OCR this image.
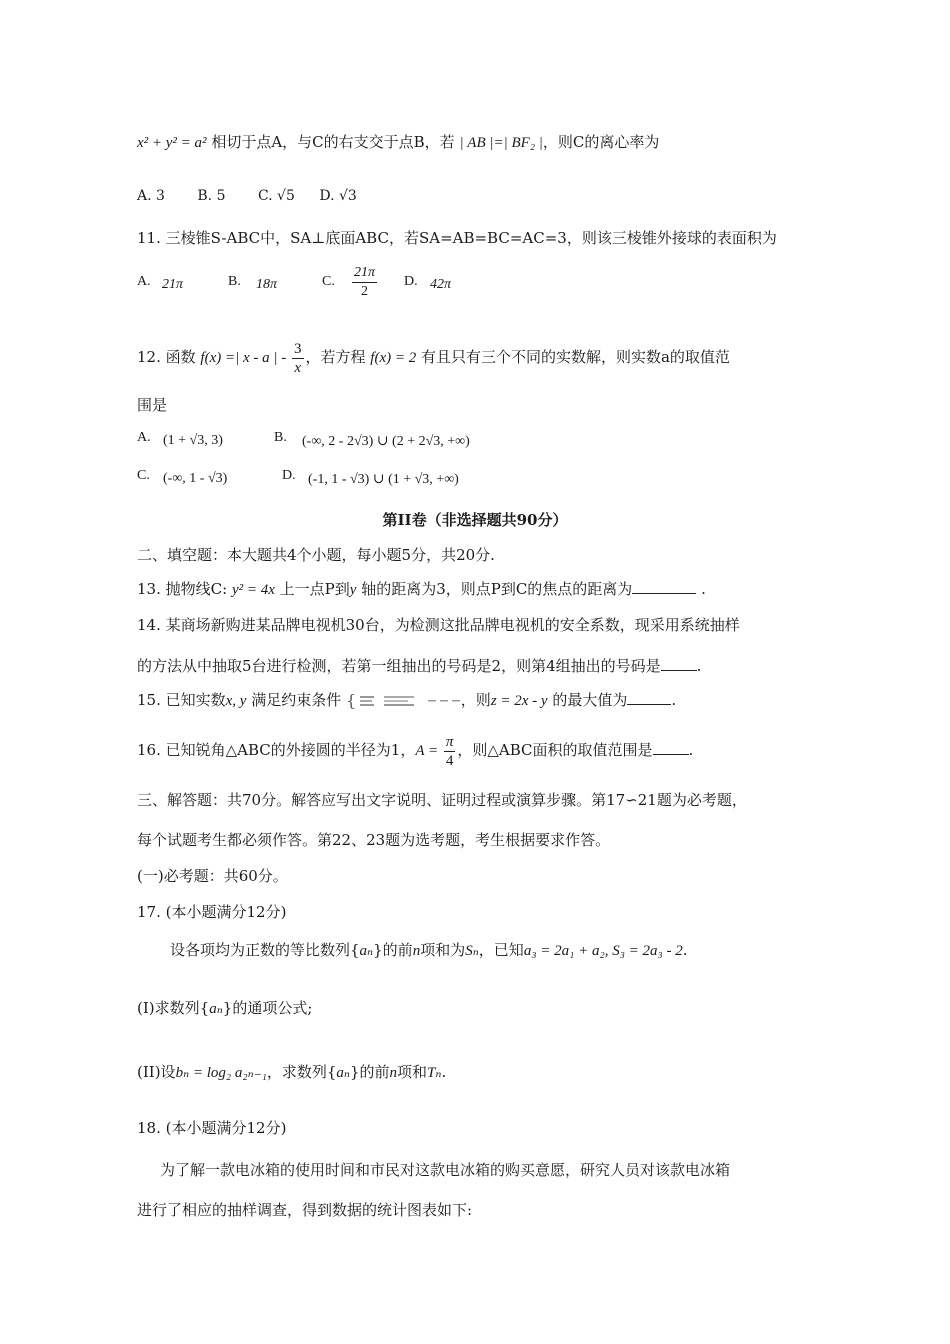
x² + y² = a² 相切于点A，与C的右支交于点B，若 | AB |=| BF₂ |，则C的离心率为
A. 3 B. 5 C. √5 D. √3
11. 三棱锥S-ABC中，SA⊥底面ABC，若SA=AB=BC=AC=3，则该三棱锥外接球的表面积为
A. 21π	B. 18π	C. $\frac{21\pi}{2} D$. 42π
12. 函数 f(x) =| x - a | - $\frac{3}{x}$ ，若方程 f(x) = 2 有且只有三个不同的实数解，则实数a的取值范
围是
A. (1 + √3, 3)	B. (-∞, 2 - 2√3) ∪ (2 + 2√3, +∞)
C. (-∞, 1 - √3)	D. (-1, 1 - √3) ∪ (1 + √3, +∞)
第II卷（非选择题共90分）
二、填空题：本大题共4个小题，每小题5分，共20分.
13. 抛物线C: y² = 4x 上一点P到y 轴的距离为3，则点P到C的焦点的距离为	.
14. 某商场新购进某品牌电视机30台，为检测这批品牌电视机的安全系数，现采用系统抽样
的方法从中抽取5台进行检测，若第一组抽出的号码是2，则第4组抽出的号码是 .
15. 已知实数x, y 满足约束条件 {	，则z = 2x - y 的最大值为	.
16. 已知锐角△ABC的外接圆的半径为1，$A = \frac{\pi}{4}$ ，则△ABC面积的取值范围是 .
三、解答题：共70分。解答应写出文字说明、证明过程或演算步骤。第17∽21题为必考题，
每个试题考生都必须作答。第22、23题为选考题，考生根据要求作答。
(一)必考题：共60分。
17. (本小题满分12分)
设各项均为正数的等比数列{aₙ}的前n项和为Sₙ，已知a₃ = 2a₁ + a₂, S₃ = 2a₃ - 2.
(I)求数列{aₙ}的通项公式;
(II)设bₙ = log₂ a₂ₙ₋₁，求数列{aₙ}的前n项和Tₙ.
18. (本小题满分12分)
为了解一款电冰箱的使用时间和市民对这款电冰箱的购买意愿，研究人员对该款电冰箱
进行了相应的抽样调查，得到数据的统计图表如下:
